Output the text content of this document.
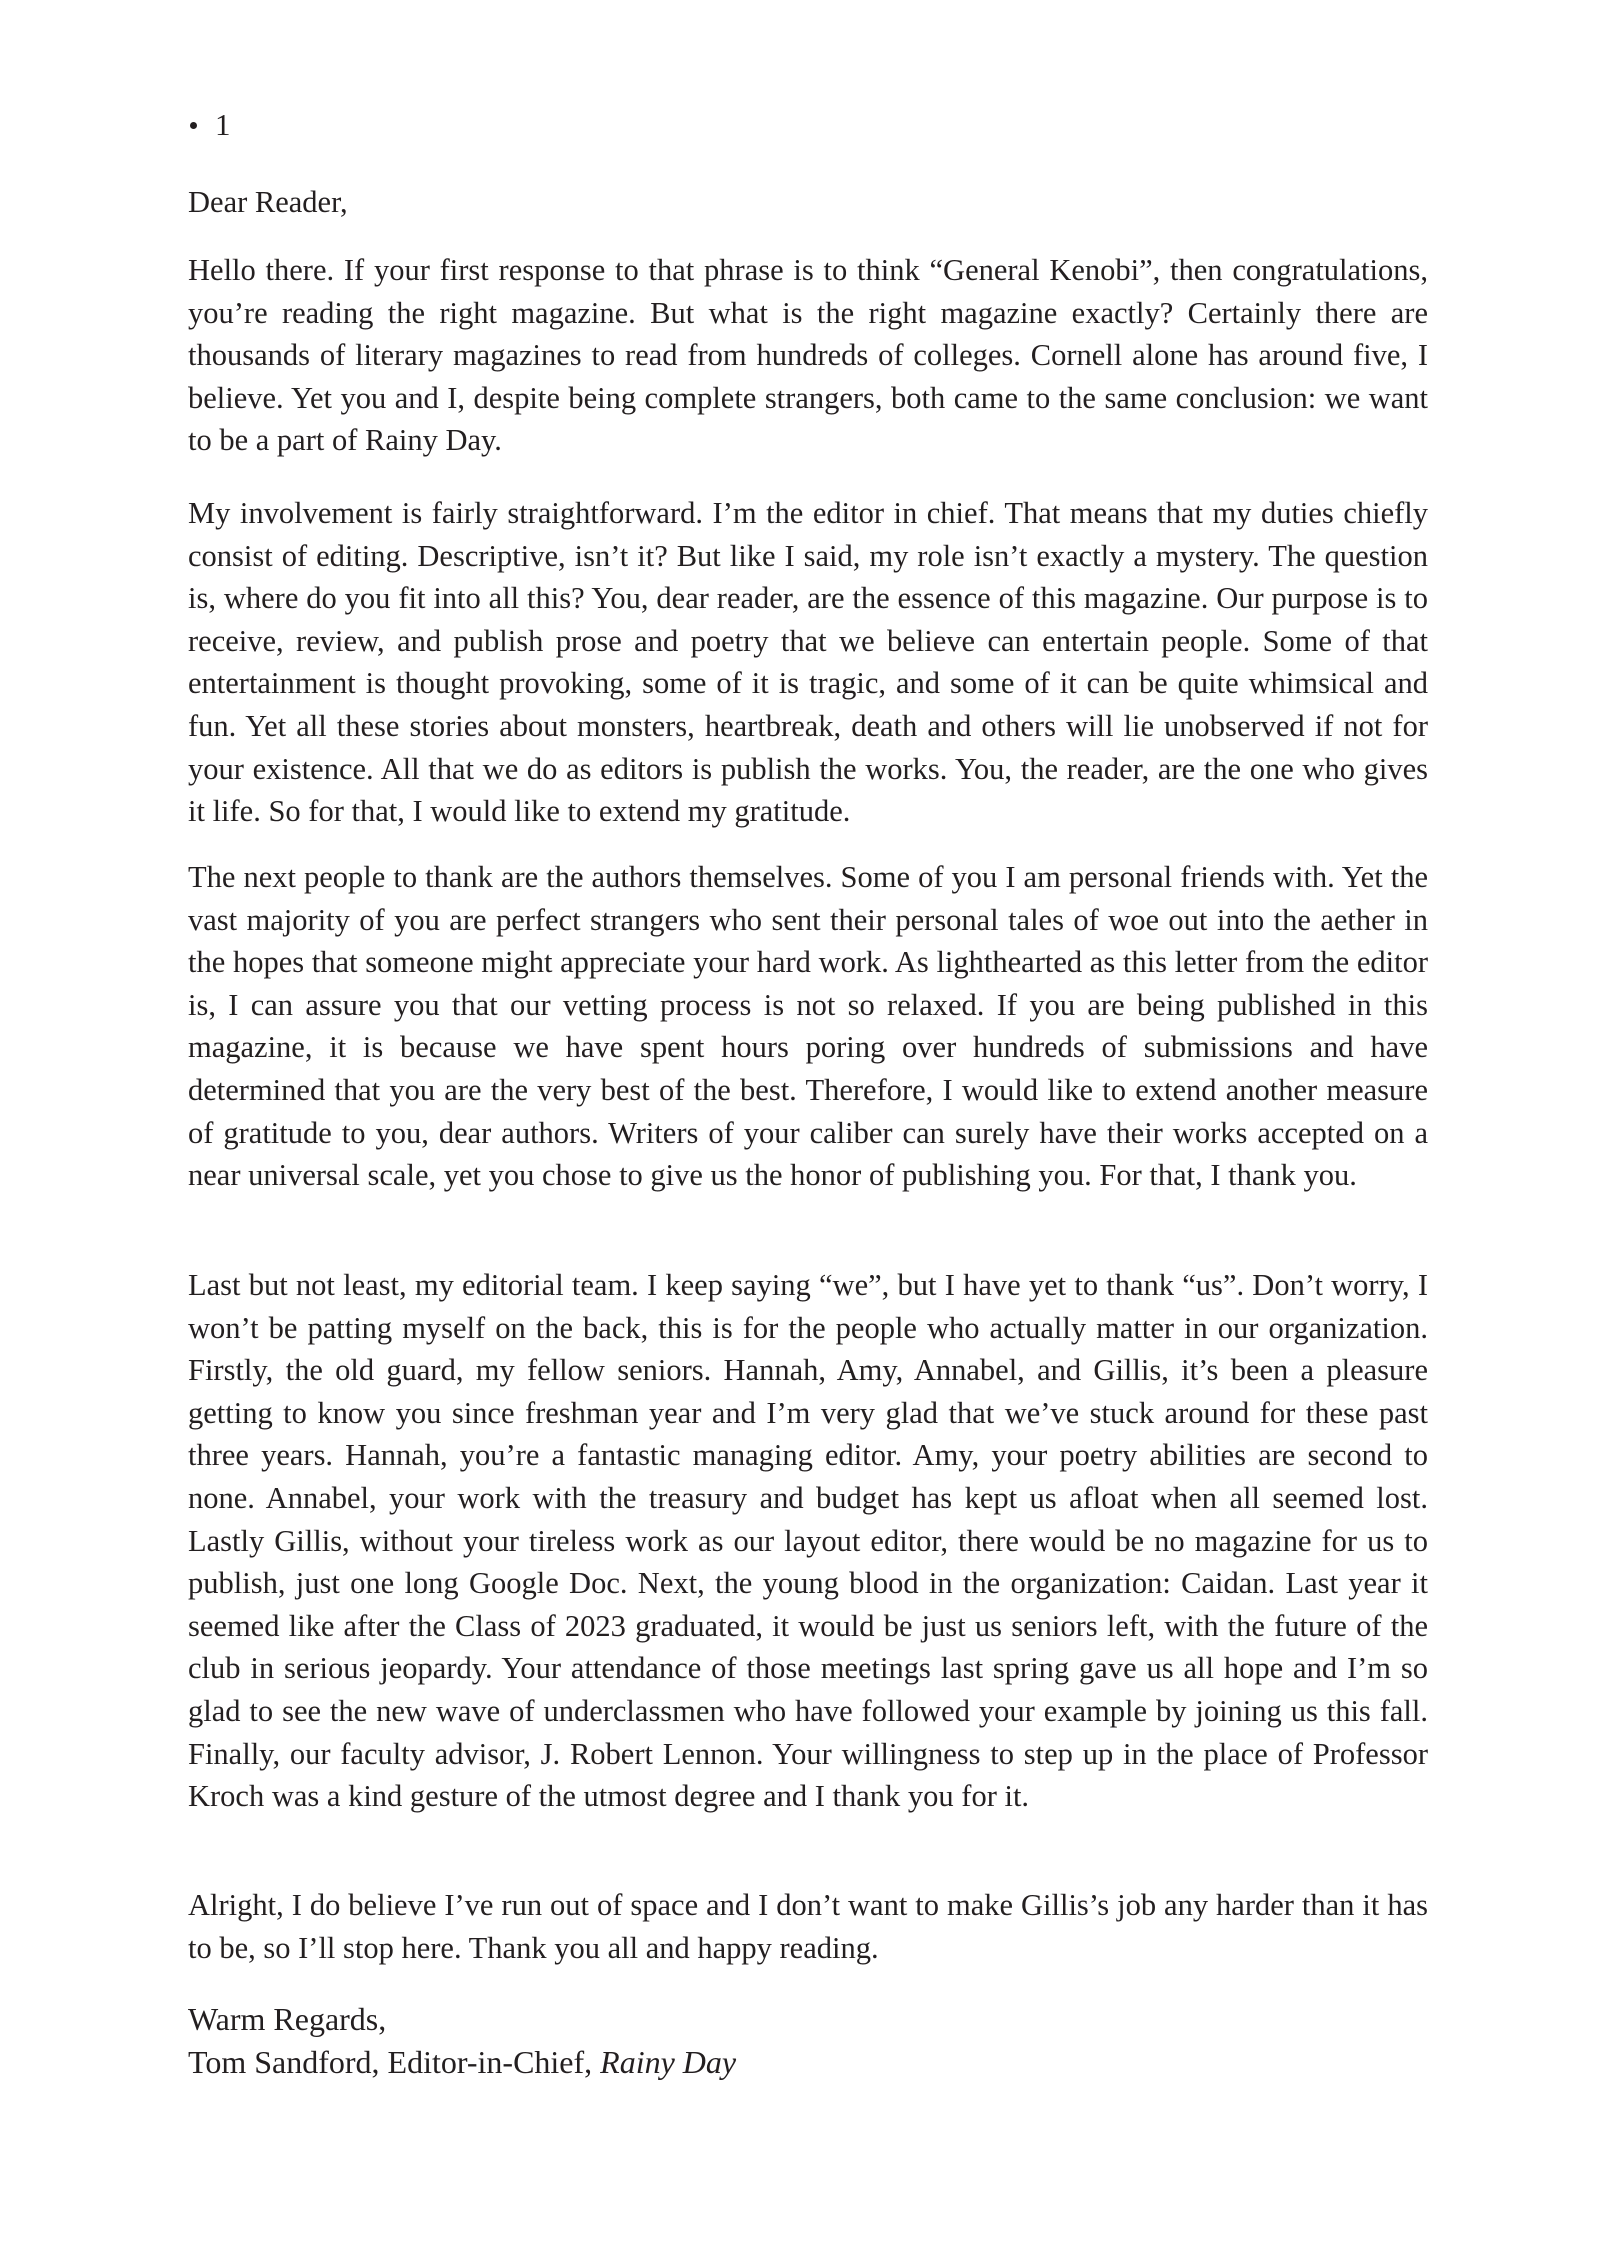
1
Dear Reader,

Hello there. If your first response to that phrase is to think “General Kenobi”, then congratulations, you’re reading the right magazine. But what is the right magazine exactly? Certainly there are thousands of literary magazines to read from hundreds of colleges. Cornell alone has around five, I believe. Yet you and I, despite being complete strangers, both came to the same conclusion: we want to be a part of Rainy Day.

My involvement is fairly straightforward. I’m the editor in chief. That means that my duties chiefly consist of editing. Descriptive, isn’t it? But like I said, my role isn’t exactly a mystery. The question is, where do you fit into all this? You, dear reader, are the essence of this magazine. Our purpose is to receive, review, and publish prose and poetry that we believe can entertain people. Some of that entertainment is thought provoking, some of it is tragic, and some of it can be quite whimsical and fun. Yet all these stories about monsters, heartbreak, death and others will lie unobserved if not for your existence. All that we do as editors is publish the works. You, the reader, are the one who gives it life. So for that, I would like to extend my gratitude.

The next people to thank are the authors themselves. Some of you I am personal friends with. Yet the vast majority of you are perfect strangers who sent their personal tales of woe out into the aether in the hopes that someone might appreciate your hard work. As lighthearted as this letter from the editor is, I can assure you that our vetting process is not so relaxed. If you are being published in this magazine, it is because we have spent hours poring over hundreds of submissions and have determined that you are the very best of the best. Therefore, I would like to extend another measure of gratitude to you, dear authors. Writers of your caliber can surely have their works accepted on a near universal scale, yet you chose to give us the honor of publishing you. For that, I thank you.

Last but not least, my editorial team. I keep saying “we”, but I have yet to thank “us”. Don’t worry, I won’t be patting myself on the back, this is for the people who actually matter in our organization. Firstly, the old guard, my fellow seniors. Hannah, Amy, Annabel, and Gillis, it’s been a pleasure getting to know you since freshman year and I’m very glad that we’ve stuck around for these past three years. Hannah, you’re a fantastic managing editor. Amy, your poetry abilities are second to none. Annabel, your work with the treasury and budget has kept us afloat when all seemed lost. Lastly Gillis, without your tireless work as our layout editor, there would be no magazine for us to publish, just one long Google Doc. Next, the young blood in the organization: Caidan. Last year it seemed like after the Class of 2023 graduated, it would be just us seniors left, with the future of the club in serious jeopardy. Your attendance of those meetings last spring gave us all hope and I’m so glad to see the new wave of underclassmen who have followed your example by joining us this fall. Finally, our faculty advisor, J. Robert Lennon. Your willingness to step up in the place of Professor Kroch was a kind gesture of the utmost degree and I thank you for it.

Alright, I do believe I’ve run out of space and I don’t want to make Gillis’s job any harder than it has to be, so I’ll stop here. Thank you all and happy reading.

Warm Regards,
Tom Sandford, Editor-in-Chief, Rainy Day
